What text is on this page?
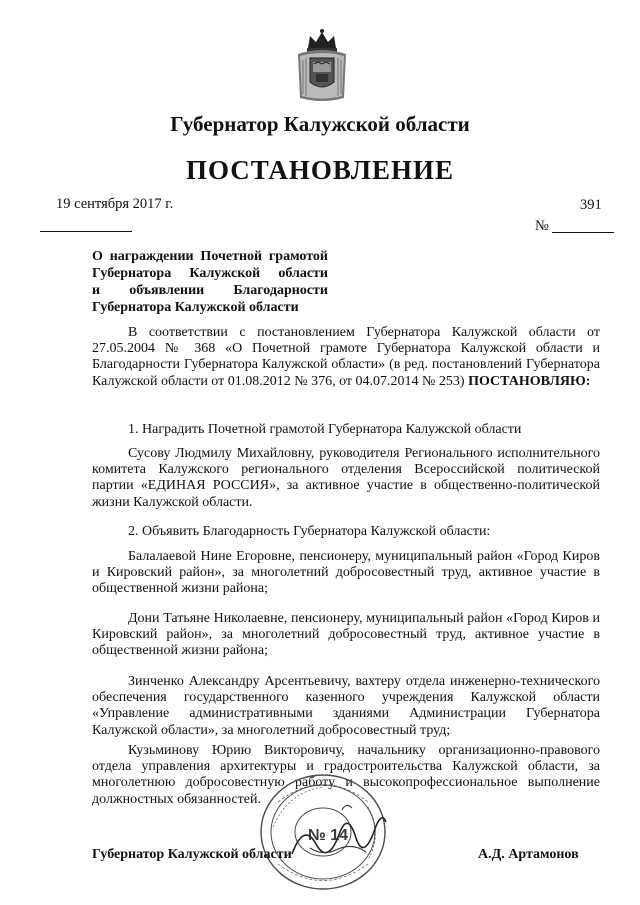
Губернатор Калужской области
ПОСТАНОВЛЕНИЕ
19 сентября 2017 г.	391
№
О награждении Почетной грамотой
Губернатора Калужской области
и объявлении Благодарности
Губернатора Калужской области
В соответствии с постановлением Губернатора Калужской области от 27.05.2004 № 368 «О Почетной грамоте Губернатора Калужской области и Благодарности Губернатора Калужской области» (в ред. постановлений Губернатора Калужской области от 01.08.2012 № 376, от 04.07.2014 № 253) ПОСТАНОВЛЯЮ:
1. Наградить Почетной грамотой Губернатора Калужской области
Сусову Людмилу Михайловну, руководителя Регионального исполнительного комитета Калужского регионального отделения Всероссийской политической партии «ЕДИНАЯ РОССИЯ», за активное участие в общественно-политической жизни Калужской области.
2. Объявить Благодарность Губернатора Калужской области:
Балалаевой Нине Егоровне, пенсионеру, муниципальный район «Город Киров и Кировский район», за многолетний добросовестный труд, активное участие в общественной жизни района;
Дони Татьяне Николаевне, пенсионеру, муниципальный район «Город Киров и Кировский район», за многолетний добросовестный труд, активное участие в общественной жизни района;
Зинченко Александру Арсентьевичу, вахтеру отдела инженерно-технического обеспечения государственного казенного учреждения Калужской области «Управление административными зданиями Администрации Губернатора Калужской области», за многолетний добросовестный труд;
Кузьминову Юрию Викторовичу, начальнику организационно-правового отдела управления архитектуры и градостроительства Калужской области, за многолетнюю добросовестную работу и высокопрофессиональное выполнение должностных обязанностей.
№ 14
Губернатор Калужской области	А.Д. Артамонов
